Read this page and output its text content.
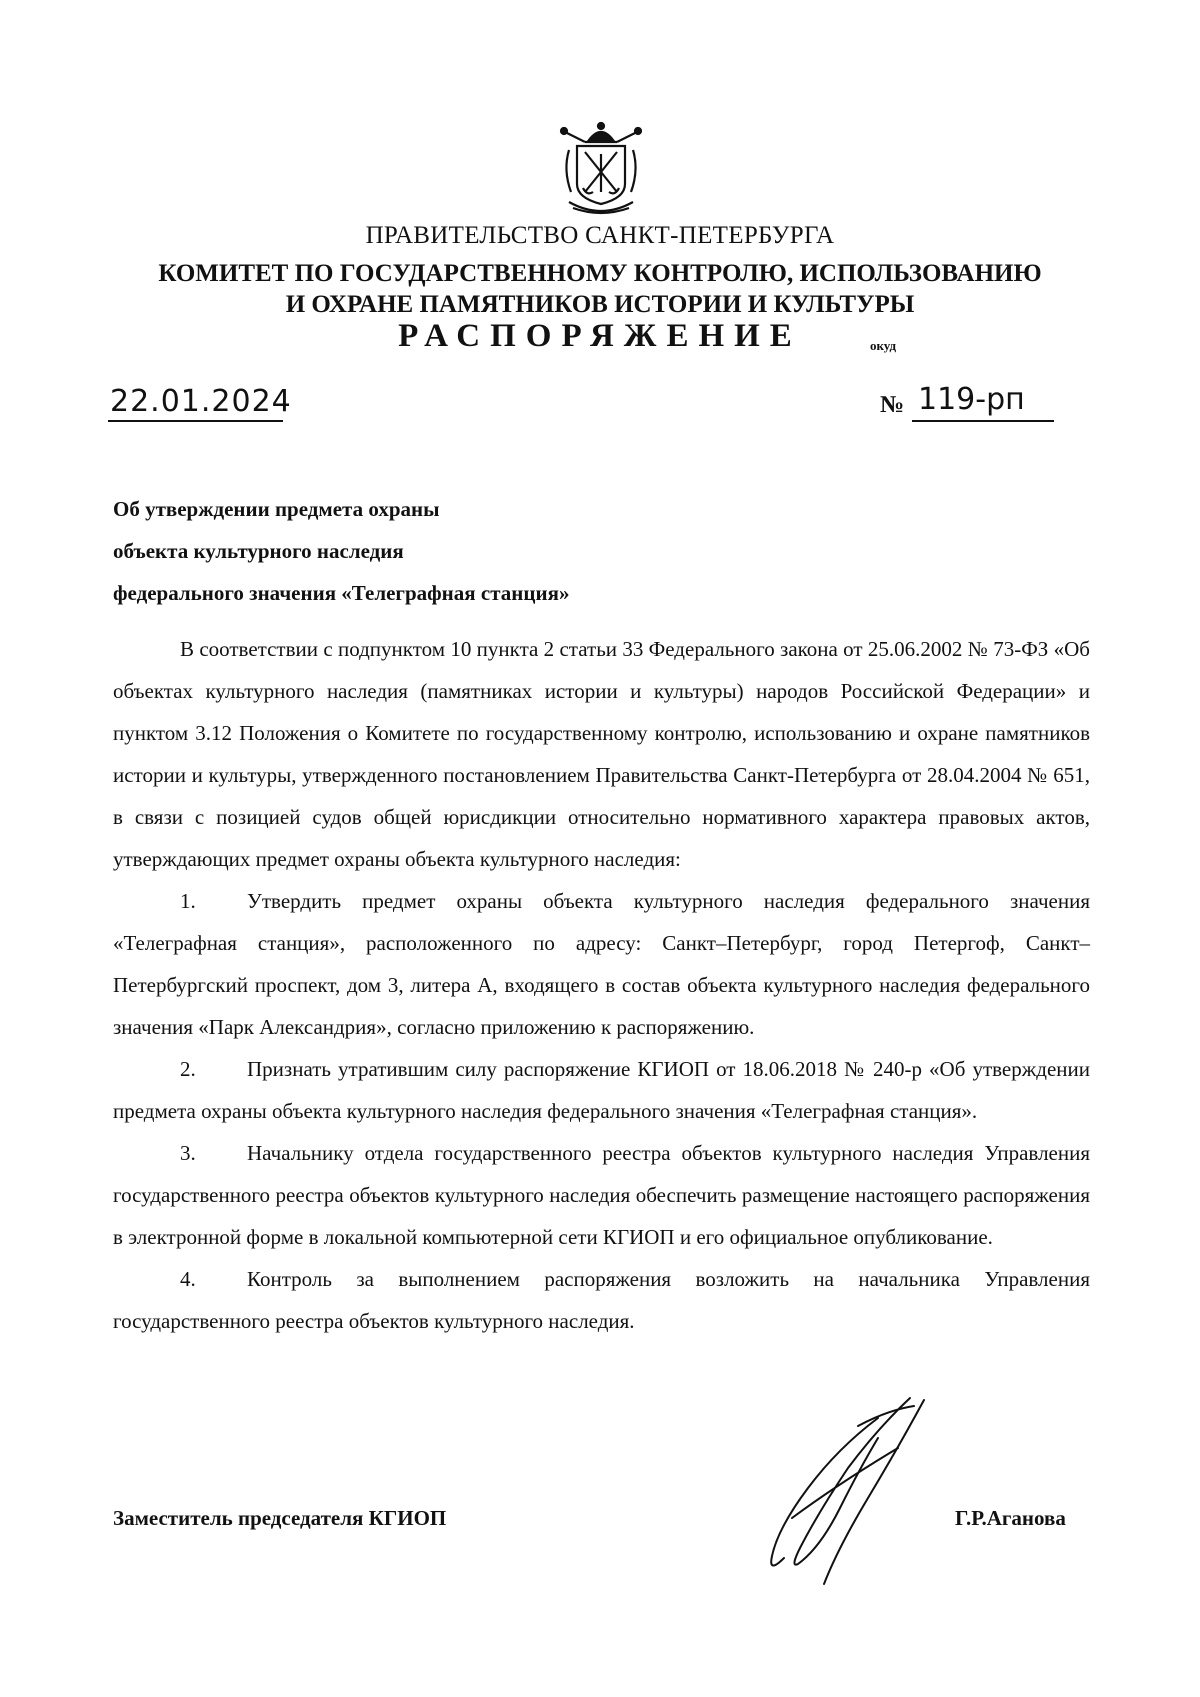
ПРАВИТЕЛЬСТВО САНКТ-ПЕТЕРБУРГА
КОМИТЕТ ПО ГОСУДАРСТВЕННОМУ КОНТРОЛЮ, ИСПОЛЬЗОВАНИЮ
И ОХРАНЕ ПАМЯТНИКОВ ИСТОРИИ И КУЛЬТУРЫ
РАСПОРЯЖЕНИЕ	окуд
22.01.2024	№ 119-рп
Об утверждении предмета охраны
объекта культурного наследия
федерального значения «Телеграфная станция»

В соответствии с подпунктом 10 пункта 2 статьи 33 Федерального закона от 25.06.2002 № 73-ФЗ «Об объектах культурного наследия (памятниках истории и культуры) народов Российской Федерации» и пунктом 3.12 Положения о Комитете по государственному контролю, использованию и охране памятников истории и культуры, утвержденного постановлением Правительства Санкт-Петербурга от 28.04.2004 № 651, в связи с позицией судов общей юрисдикции относительно нормативного характера правовых актов, утверждающих предмет охраны объекта культурного наследия:

1. Утвердить предмет охраны объекта культурного наследия федерального значения «Телеграфная станция», расположенного по адресу: Санкт–Петербург, город Петергоф, Санкт–Петербургский проспект, дом 3, литера А, входящего в состав объекта культурного наследия федерального значения «Парк Александрия», согласно приложению к распоряжению.

2. Признать утратившим силу распоряжение КГИОП от 18.06.2018 № 240-р «Об утверждении предмета охраны объекта культурного наследия федерального значения «Телеграфная станция».

3. Начальнику отдела государственного реестра объектов культурного наследия Управления государственного реестра объектов культурного наследия обеспечить размещение настоящего распоряжения в электронной форме в локальной компьютерной сети КГИОП и его официальное опубликование.

4. Контроль за выполнением распоряжения возложить на начальника Управления государственного реестра объектов культурного наследия.

Заместитель председателя КГИОП	Г.Р.Аганова
